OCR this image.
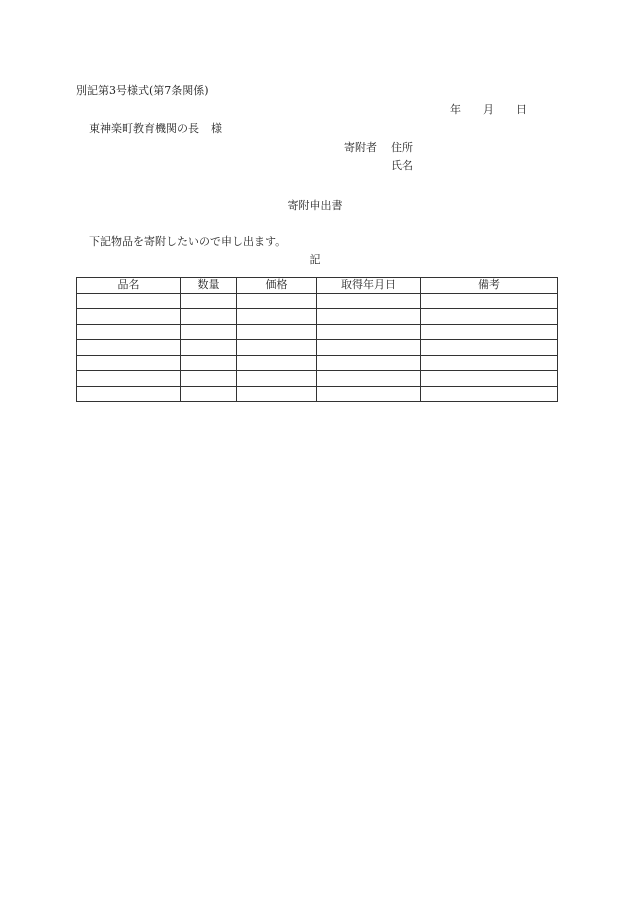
別記第3号様式(第7条関係)
年 月 日
東神楽町教育機関の長 様
寄附者 住所
氏名
寄附申出書
下記物品を寄附したいので申し出ます。
記
品名	数量	価格	取得年月日	備考
